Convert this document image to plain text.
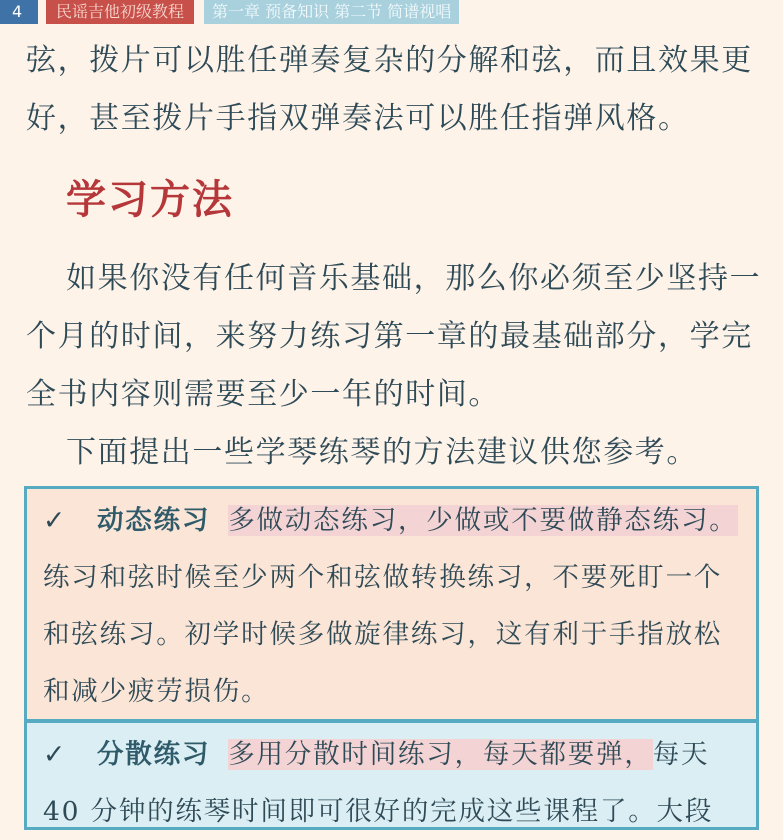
4	民谣吉他初级教程	第一章 预备知识 第二节 简谱视唱

弦，拨片可以胜任弹奏复杂的分解和弦，而且效果更好，甚至拨片手指双弹奏法可以胜任指弹风格。

学习方法

如果你没有任何音乐基础，那么你必须至少坚持一个月的时间，来努力练习第一章的最基础部分，学完全书内容则需要至少一年的时间。

下面提出一些学琴练琴的方法建议供您参考。

✓ 动态练习 多做动态练习，少做或不要做静态练习。练习和弦时候至少两个和弦做转换练习，不要死盯一个和弦练习。初学时候多做旋律练习，这有利于手指放松和减少疲劳损伤。

✓ 分散练习 多用分散时间练习，每天都要弹，每天40 分钟的练琴时间即可很好的完成这些课程了。大段
